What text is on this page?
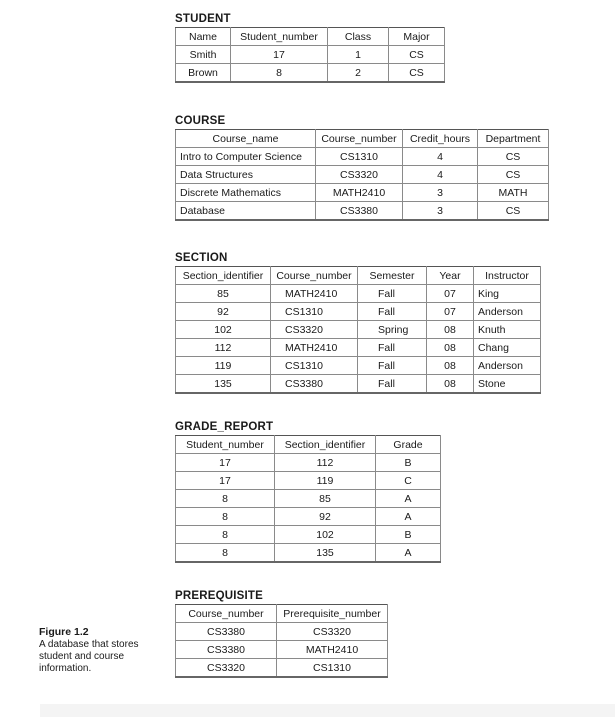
STUDENT
Name	Student_number	Class	Major
Smith	17	1	CS
Brown	8	2	CS
COURSE
Course_name	Course_number	Credit_hours	Department
Intro to Computer Science	CS1310	4	CS
Data Structures	CS3320	4	CS
Discrete Mathematics	MATH2410	3	MATH
Database	CS3380	3	CS
SECTION
Section_identifier	Course_number	Semester	Year	Instructor
85	MATH2410	Fall	07	King
92	CS1310	Fall	07	Anderson
102	CS3320	Spring	08	Knuth
112	MATH2410	Fall	08	Chang
119	CS1310	Fall	08	Anderson
135	CS3380	Fall	08	Stone
GRADE_REPORT
Student_number	Section_identifier	Grade
17	112	B
17	119	C
8	85	A
8	92	A
8	102	B
8	135	A
PREREQUISITE
Course_number	Prerequisite_number
CS3380	CS3320
CS3380	MATH2410
CS3320	CS1310
Figure 1.2
A database that stores student and course information.
